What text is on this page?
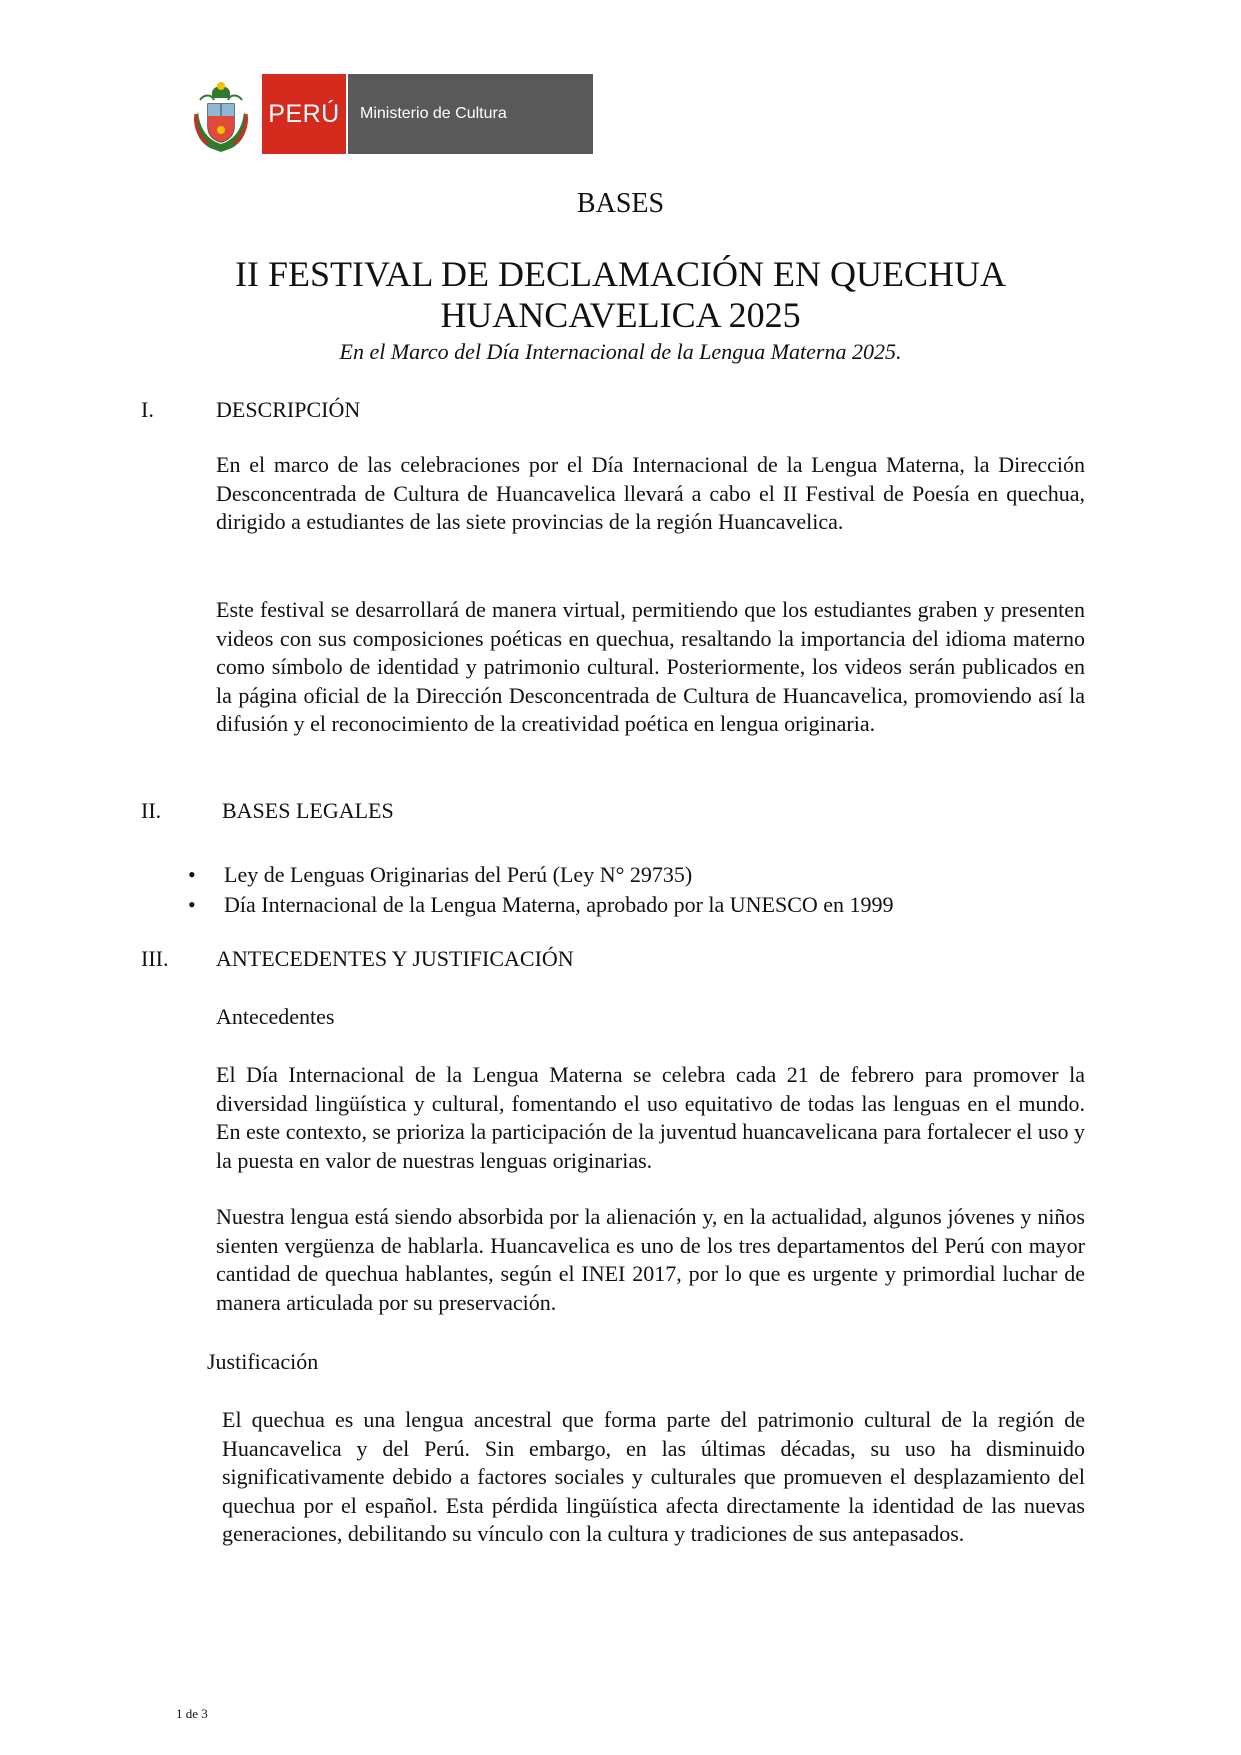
PERÚ	Ministerio de Cultura
BASES
II FESTIVAL DE DECLAMACIÓN EN QUECHUA
HUANCAVELICA 2025
En el Marco del Día Internacional de la Lengua Materna 2025.
I.	DESCRIPCIÓN

En el marco de las celebraciones por el Día Internacional de la Lengua Materna, la Dirección Desconcentrada de Cultura de Huancavelica llevará a cabo el II Festival de Poesía en quechua, dirigido a estudiantes de las siete provincias de la región Huancavelica.

Este festival se desarrollará de manera virtual, permitiendo que los estudiantes graben y presenten videos con sus composiciones poéticas en quechua, resaltando la importancia del idioma materno como símbolo de identidad y patrimonio cultural. Posteriormente, los videos serán publicados en la página oficial de la Dirección Desconcentrada de Cultura de Huancavelica, promoviendo así la difusión y el reconocimiento de la creatividad poética en lengua originaria.

II.	BASES LEGALES
• Ley de Lenguas Originarias del Perú (Ley N° 29735)
• Día Internacional de la Lengua Materna, aprobado por la UNESCO en 1999
III. ANTECEDENTES Y JUSTIFICACIÓN
Antecedentes

El Día Internacional de la Lengua Materna se celebra cada 21 de febrero para promover la diversidad lingüística y cultural, fomentando el uso equitativo de todas las lenguas en el mundo. En este contexto, se prioriza la participación de la juventud huancavelicana para fortalecer el uso y la puesta en valor de nuestras lenguas originarias.

Nuestra lengua está siendo absorbida por la alienación y, en la actualidad, algunos jóvenes y niños sienten vergüenza de hablarla. Huancavelica es uno de los tres departamentos del Perú con mayor cantidad de quechua hablantes, según el INEI 2017, por lo que es urgente y primordial luchar de manera articulada por su preservación.

Justificación

El quechua es una lengua ancestral que forma parte del patrimonio cultural de la región de Huancavelica y del Perú. Sin embargo, en las últimas décadas, su uso ha disminuido significativamente debido a factores sociales y culturales que promueven el desplazamiento del quechua por el español. Esta pérdida lingüística afecta directamente la identidad de las nuevas generaciones, debilitando su vínculo con la cultura y tradiciones de sus antepasados.

1 de 3
